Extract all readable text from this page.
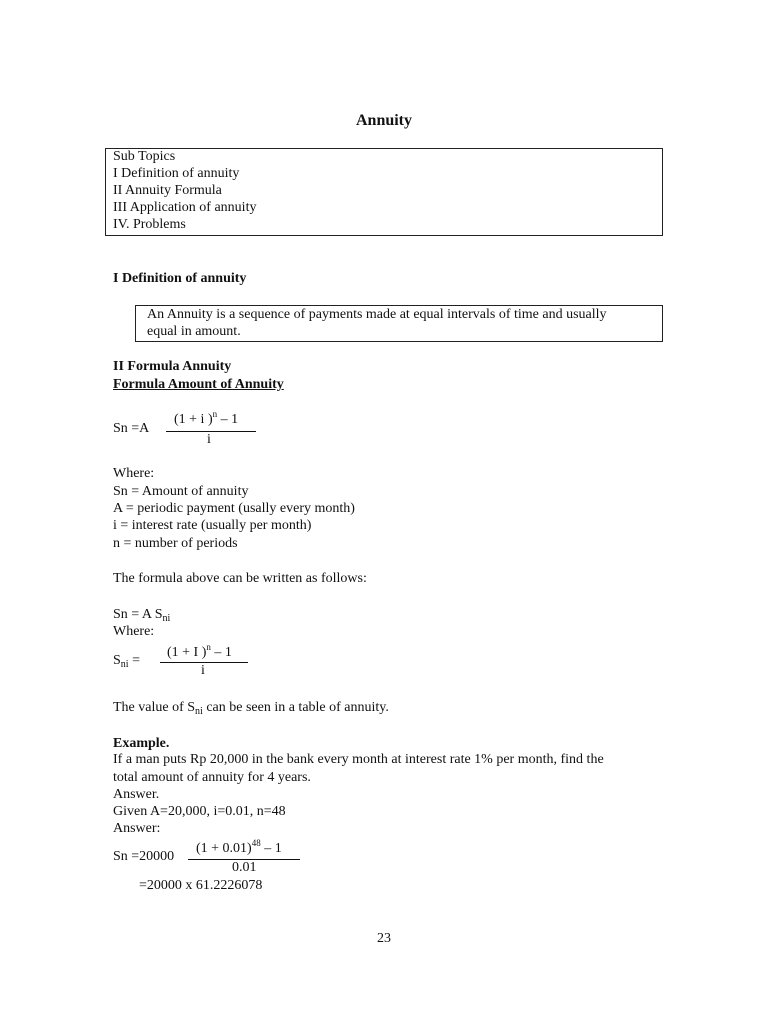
Annuity
Sub Topics
I Definition of annuity
II Annuity Formula
III Application of annuity
IV. Problems
I Definition of annuity
An Annuity is a sequence of payments made at equal intervals of time and usually
equal in amount.
II Formula Annuity
Formula Amount of Annuity
Sn =A
(1 + i )$^n$ – 1
i
Where:
Sn = Amount of annuity
A = periodic payment (usally every month)
i = interest rate (usually per month)
n = number of periods
The formula above can be written as follows:
Sn = A $S_{ni}$
Where:
$S_{ni}$ =
(1 + I )$^n$ – 1
i
The value of $S_{ni}$ can be seen in a table of annuity.
Example.
If a man puts Rp 20,000 in the bank every month at interest rate 1% per month, find the
total amount of annuity for 4 years.
Answer.
Given A=20,000, i=0.01, n=48
Answer:
Sn =20000
$(1 + 0.01)^{48} - 1$
0.01
=20000 x 61.2226078
23
